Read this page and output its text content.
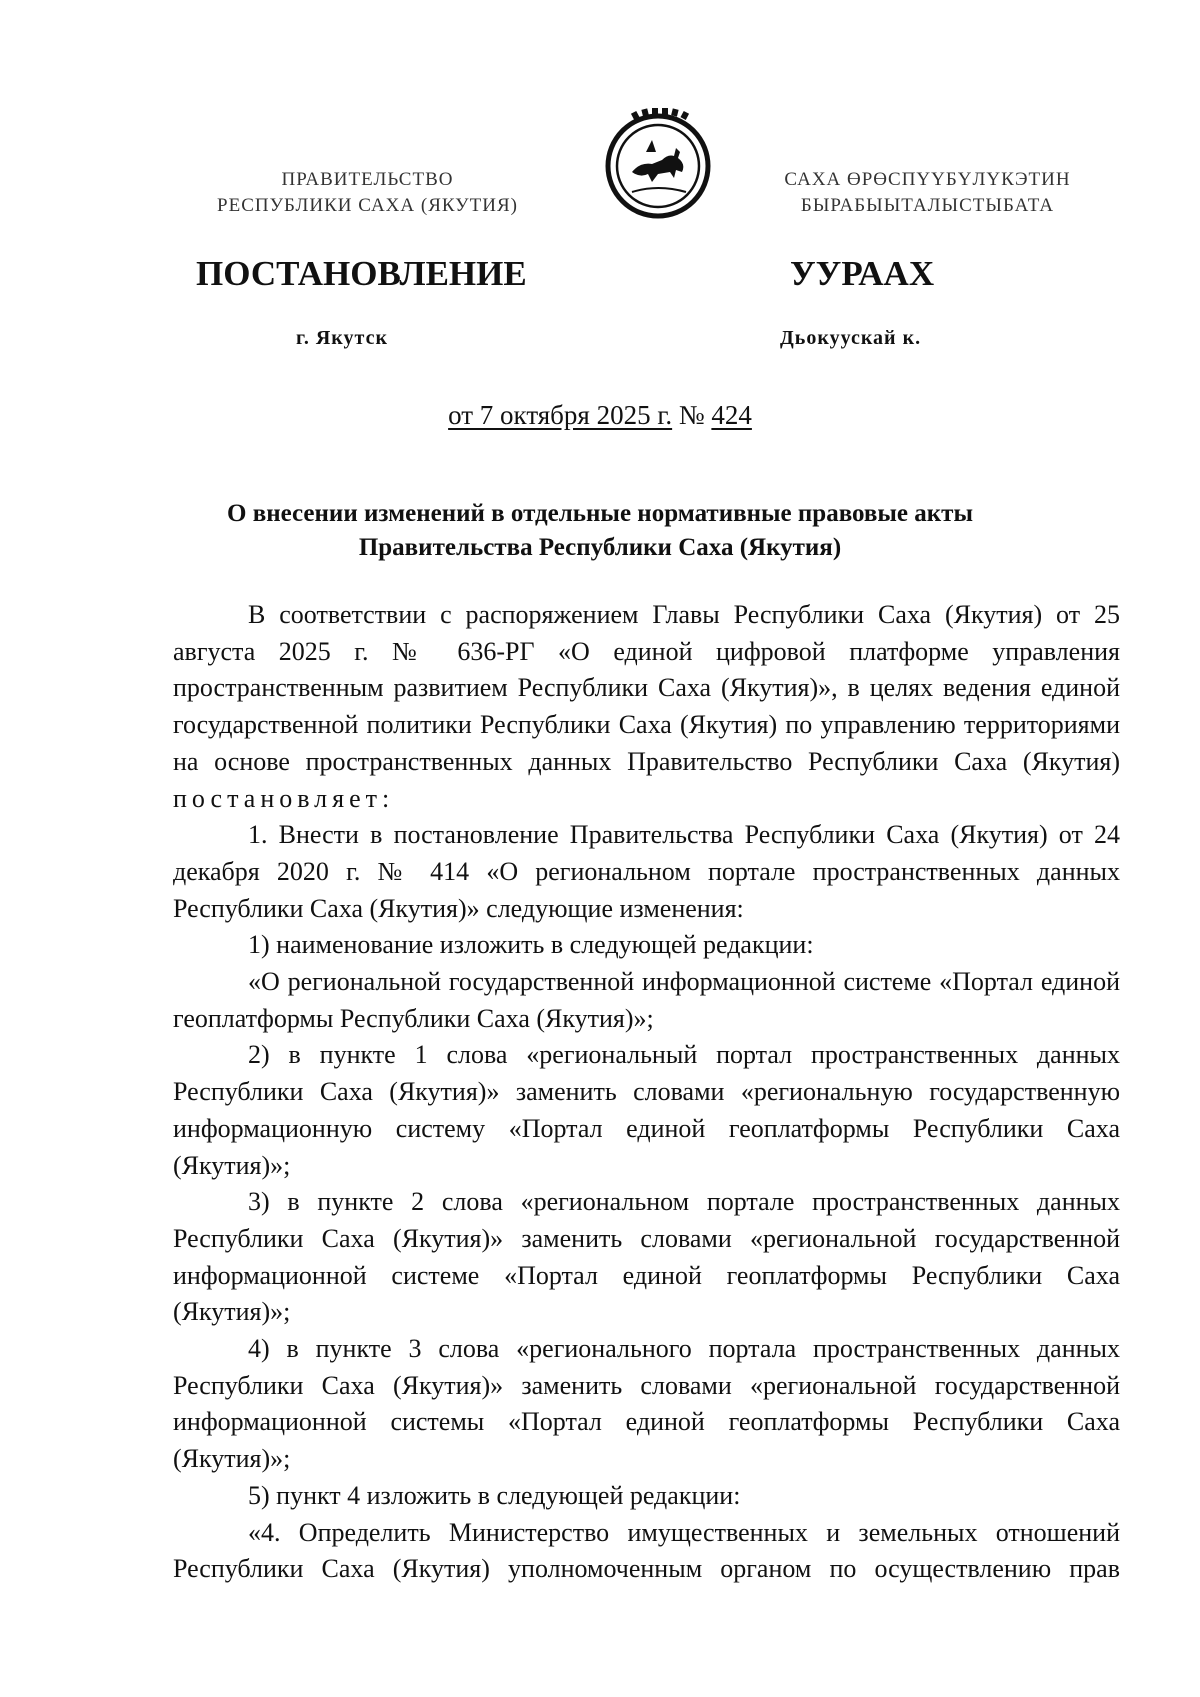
ПРАВИТЕЛЬСТВО
РЕСПУБЛИКИ САХА (ЯКУТИЯ)
САХА ӨРӨСПҮҮБҮЛҮКЭТИН
БЫРАБЫЫТАЛЫСТЫБАТА
ПОСТАНОВЛЕНИЕ	УУРААХ
г. Якутск	Дьокуускай к.
от 7 октября 2025 г. № 424
О внесении изменений в отдельные нормативные правовые акты
Правительства Республики Саха (Якутия)

В соответствии с распоряжением Главы Республики Саха (Якутия) от 25 августа 2025 г. № 636-РГ «О единой цифровой платформе управления пространственным развитием Республики Саха (Якутия)», в целях ведения единой государственной политики Республики Саха (Якутия) по управлению территориями на основе пространственных данных Правительство Республики Саха (Якутия) постановляет:

1. Внести в постановление Правительства Республики Саха (Якутия) от 24 декабря 2020 г. № 414 «О региональном портале пространственных данных Республики Саха (Якутия)» следующие изменения:

1) наименование изложить в следующей редакции:

«О региональной государственной информационной системе «Портал единой геоплатформы Республики Саха (Якутия)»;

2) в пункте 1 слова «региональный портал пространственных данных Республики Саха (Якутия)» заменить словами «региональную государственную информационную систему «Портал единой геоплатформы Республики Саха (Якутия)»;

3) в пункте 2 слова «региональном портале пространственных данных Республики Саха (Якутия)» заменить словами «региональной государственной информационной системе «Портал единой геоплатформы Республики Саха (Якутия)»;

4) в пункте 3 слова «регионального портала пространственных данных Республики Саха (Якутия)» заменить словами «региональной государственной информационной системы «Портал единой геоплатформы Республики Саха (Якутия)»;

5) пункт 4 изложить в следующей редакции:

«4. Определить Министерство имущественных и земельных отношений Республики Саха (Якутия) уполномоченным органом по осуществлению прав
